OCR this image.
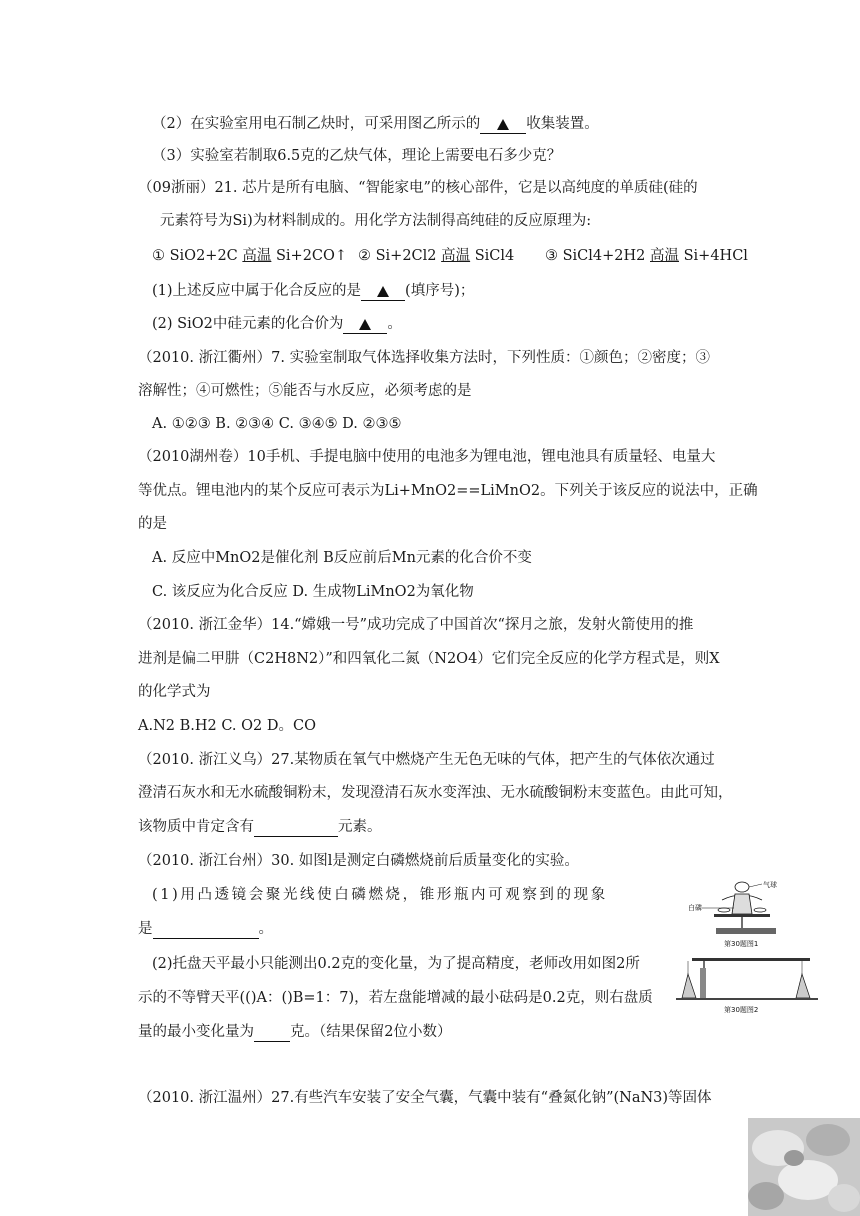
（2）在实验室用电石制乙炔时，可采用图乙所示的	收集装置。
（3）实验室若制取6.5克的乙炔气体，理论上需要电石多少克？
（09浙丽）21. 芯片是所有电脑、“智能家电”的核心部件，它是以高纯度的单质硅(硅的
元素符号为Si)为材料制成的。用化学方法制得高纯硅的反应原理为:
① SiO2+2C 高温 Si+2CO↑ ② Si+2Cl2 高温 SiCl4 ③ SiCl4+2H2 高温 Si+4HCl
(1)上述反应中属于化合反应的是	(填序号)；
(2) SiO2中硅元素的化合价为	。
（2010. 浙江衢州）7. 实验室制取气体选择收集方法时，下列性质：①颜色；②密度；③
溶解性；④可燃性；⑤能否与水反应，必须考虑的是
A. ①②③ B. ②③④ C. ③④⑤ D. ②③⑤
（2010湖州卷）10手机、手提电脑中使用的电池多为锂电池，锂电池具有质量轻、电量大
等优点。锂电池内的某个反应可表示为Li+MnO2==LiMnO2。下列关于该反应的说法中，正确
的是
A. 反应中MnO2是催化剂 B反应前后Mn元素的化合价不变
C. 该反应为化合反应 D. 生成物LiMnO2为氧化物
（2010. 浙江金华）14.“嫦娥一号”成功完成了中国首次“探月之旅，发射火箭使用的推
进剂是偏二甲肼（C2H8N2）”和四氧化二氮（N2O4）它们完全反应的化学方程式是，则X
的化学式为
A.N2 B.H2 C. O2 D。CO
（2010. 浙江义乌）27.某物质在氧气中燃烧产生无色无味的气体，把产生的气体依次通过
澄清石灰水和无水硫酸铜粉末，发现澄清石灰水变浑浊、无水硫酸铜粉末变蓝色。由此可知，
该物质中肯定含有	元素。
（2010. 浙江台州）30. 如图l是测定白磷燃烧前后质量变化的实验。
(1)用凸透镜会聚光线使白磷燃烧，锥形瓶内可观察到的现象
是	。
(2)托盘天平最小只能测出0.2克的变化量，为了提高精度，老师改用如图2所
示的不等臂天平(()A：()B=1：7)，若左盘能增减的最小砝码是0.2克，则右盘质
量的最小变化量为 克。（结果保留2位小数）
（2010. 浙江温州）27.有些汽车安装了安全气囊，气囊中装有“叠氮化钠”(NaN3)等固体
气球
白磷
第30题图1
第30题图2
